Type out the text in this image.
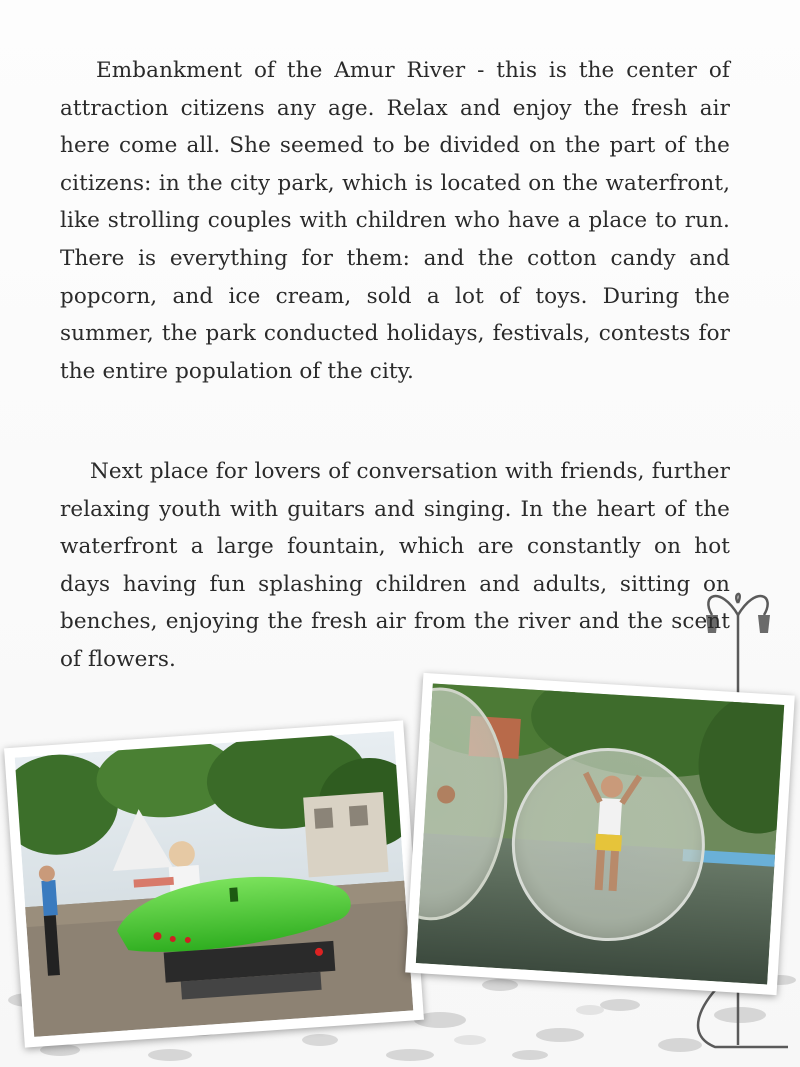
Embankment of the Amur River - this is the center of attraction citizens any age. Relax and enjoy the fresh air here come all. She seemed to be divided on the part of the citizens: in the city park, which is located on the waterfront, like strolling couples with children who have a place to run. There is everything for them: and the cotton candy and popcorn, and ice cream, sold a lot of toys. During the summer, the park conducted holidays, festivals, contests for the entire population of the city.

Next place for lovers of conversation with friends, further relaxing youth with guitars and singing. In the heart of the waterfront a large fountain, which are constantly on hot days having fun splashing children and adults, sitting on benches, enjoying the fresh air from the river and the scent of flowers.
